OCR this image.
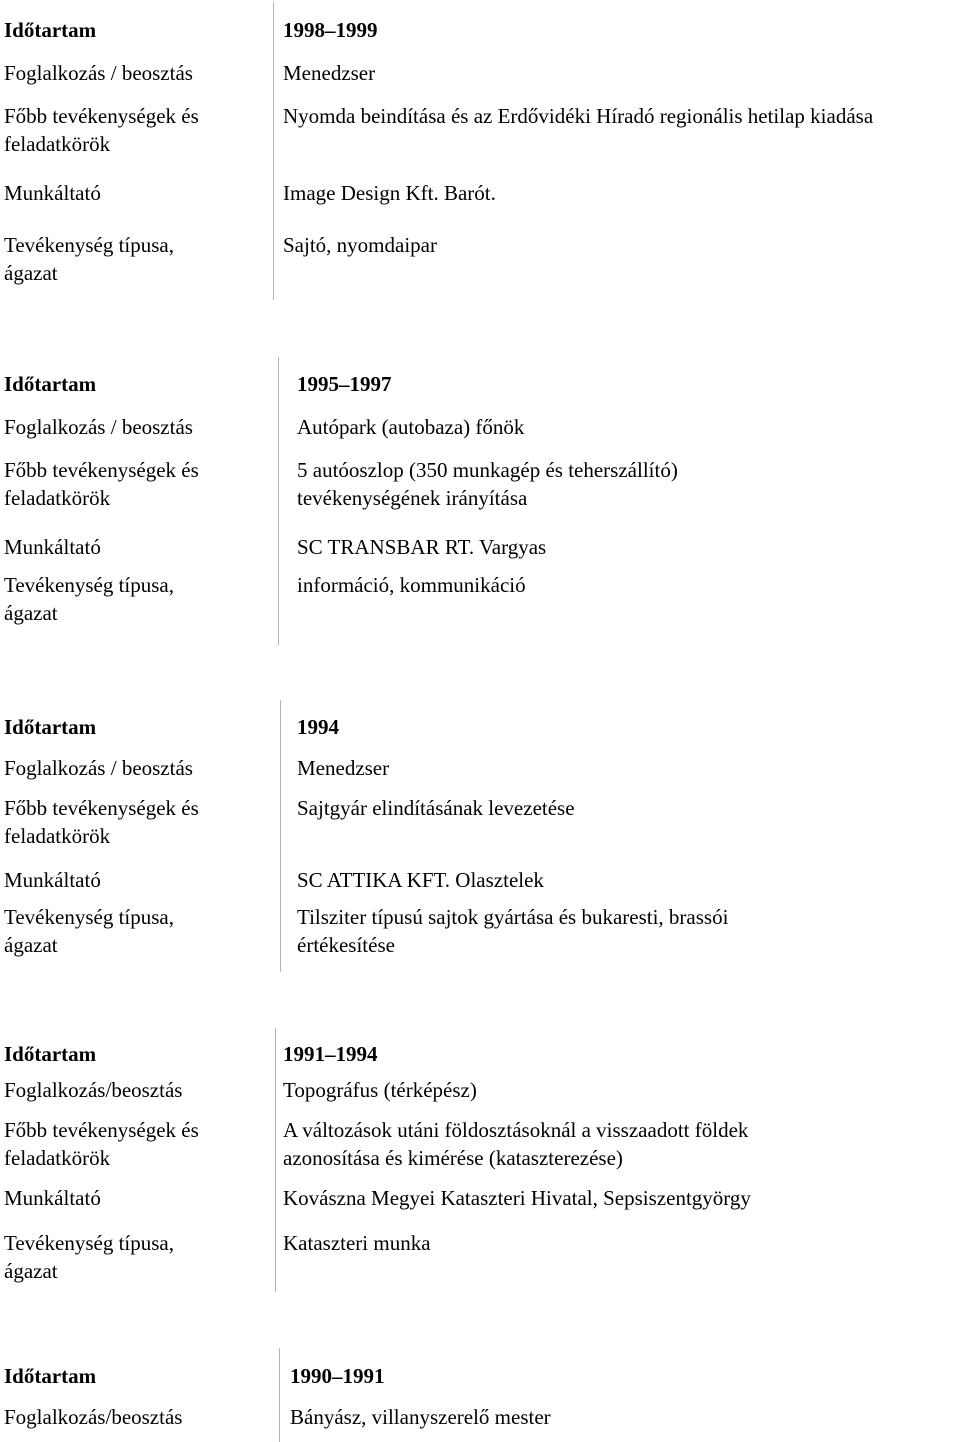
Időtartam
Foglalkozás / beosztás
Főbb tevékenységek és feladatkörök
Munkáltató
Tevékenység típusa, ágazat
1998–1999
Menedzser
Nyomda beindítása és az Erdővidéki Híradó regionális hetilap kiadása
Image Design Kft. Barót.
Sajtó, nyomdaipar
Időtartam
Foglalkozás / beosztás
Főbb tevékenységek és feladatkörök
Munkáltató
Tevékenység típusa, ágazat
1995–1997
Autópark (autobaza) főnök
5 autóoszlop (350 munkagép és teherszállító)
tevékenységének irányítása
SC TRANSBAR RT. Vargyas
információ, kommunikáció
Időtartam
Foglalkozás / beosztás
Főbb tevékenységek és feladatkörök
Munkáltató
Tevékenység típusa, ágazat
1994
Menedzser
Sajtgyár elindításának levezetése
SC ATTIKA KFT. Olasztelek
Tilsziter típusú sajtok gyártása és bukaresti, brassói
értékesítése
Időtartam
Foglalkozás/beosztás
Főbb tevékenységek és feladatkörök
Munkáltató
Tevékenység típusa, ágazat
1991–1994
Topográfus (térképész)
A változások utáni földosztásoknál a visszaadott földek
azonosítása és kimérése (kataszterezése)
Kovászna Megyei Kataszteri Hivatal, Sepsiszentgyörgy
Kataszteri munka
Időtartam
Foglalkozás/beosztás
1990–1991
Bányász, villanyszerelő mester
